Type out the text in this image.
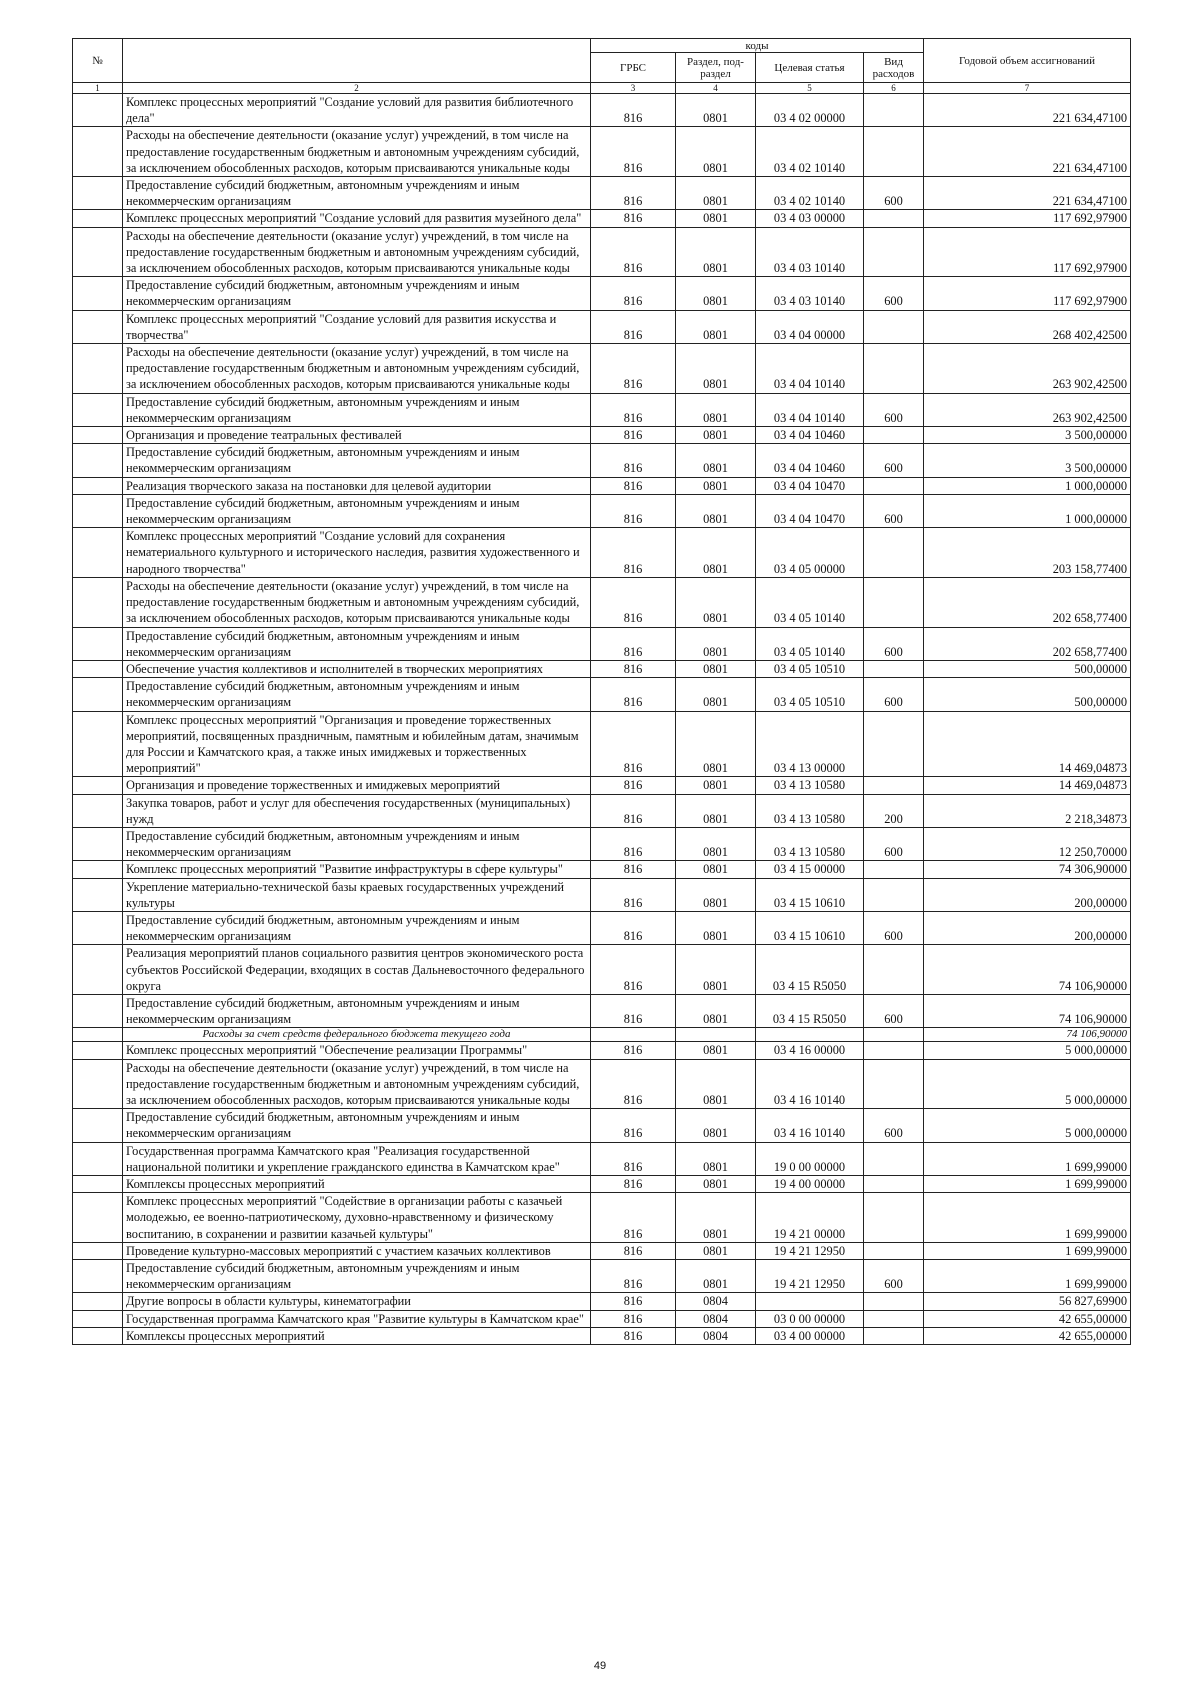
№		коды				Годовой объем ассигнований
		ГРБС	Раздел, под-раздел	Целевая статья	Вид расходов	
1	2	3	4	5	6	7
	Комплекс процессных мероприятий "Создание условий для развития библиотечного дела"	816	0801	03 4 02 00000		221 634,47100
	Расходы на обеспечение деятельности (оказание услуг) учреждений, в том числе на предоставление государственным бюджетным и автономным учреждениям субсидий, за исключением обособленных расходов, которым присваиваются уникальные коды	816	0801	03 4 02 10140		221 634,47100
	Предоставление субсидий бюджетным, автономным учреждениям и иным некоммерческим организациям	816	0801	03 4 02 10140	600	221 634,47100
	Комплекс процессных мероприятий "Создание условий для развития музейного дела"	816	0801	03 4 03 00000		117 692,97900
	Расходы на обеспечение деятельности (оказание услуг) учреждений, в том числе на предоставление государственным бюджетным и автономным учреждениям субсидий, за исключением обособленных расходов, которым присваиваются уникальные коды	816	0801	03 4 03 10140		117 692,97900
	Предоставление субсидий бюджетным, автономным учреждениям и иным некоммерческим организациям	816	0801	03 4 03 10140	600	117 692,97900
	Комплекс процессных мероприятий "Создание условий для развития искусства и творчества"	816	0801	03 4 04 00000		268 402,42500
	Расходы на обеспечение деятельности (оказание услуг) учреждений, в том числе на предоставление государственным бюджетным и автономным учреждениям субсидий, за исключением обособленных расходов, которым присваиваются уникальные коды	816	0801	03 4 04 10140		263 902,42500
	Предоставление субсидий бюджетным, автономным учреждениям и иным некоммерческим организациям	816	0801	03 4 04 10140	600	263 902,42500
	Организация и проведение театральных фестивалей	816	0801	03 4 04 10460		3 500,00000
	Предоставление субсидий бюджетным, автономным учреждениям и иным некоммерческим организациям	816	0801	03 4 04 10460	600	3 500,00000
	Реализация творческого заказа на постановки для целевой аудитории	816	0801	03 4 04 10470		1 000,00000
	Предоставление субсидий бюджетным, автономным учреждениям и иным некоммерческим организациям	816	0801	03 4 04 10470	600	1 000,00000
	Комплекс процессных мероприятий "Создание условий для сохранения нематериального культурного и исторического наследия, развития художественного и народного творчества"	816	0801	03 4 05 00000		203 158,77400
	Расходы на обеспечение деятельности (оказание услуг) учреждений, в том числе на предоставление государственным бюджетным и автономным учреждениям субсидий, за исключением обособленных расходов, которым присваиваются уникальные коды	816	0801	03 4 05 10140		202 658,77400
	Предоставление субсидий бюджетным, автономным учреждениям и иным некоммерческим организациям	816	0801	03 4 05 10140	600	202 658,77400
	Обеспечение участия коллективов и исполнителей в творческих мероприятиях	816	0801	03 4 05 10510		500,00000
	Предоставление субсидий бюджетным, автономным учреждениям и иным некоммерческим организациям	816	0801	03 4 05 10510	600	500,00000
	Комплекс процессных мероприятий "Организация и проведение торжественных мероприятий, посвященных праздничным, памятным и юбилейным датам, значимым для России и Камчатского края, а также иных имиджевых и торжественных мероприятий"	816	0801	03 4 13 00000		14 469,04873
	Организация и проведение торжественных и имиджевых мероприятий	816	0801	03 4 13 10580		14 469,04873
	Закупка товаров, работ и услуг для обеспечения государственных (муниципальных) нужд	816	0801	03 4 13 10580	200	2 218,34873
	Предоставление субсидий бюджетным, автономным учреждениям и иным некоммерческим организациям	816	0801	03 4 13 10580	600	12 250,70000
	Комплекс процессных мероприятий "Развитие инфраструктуры в сфере культуры"	816	0801	03 4 15 00000		74 306,90000
	Укрепление материально-технической базы краевых государственных учреждений культуры	816	0801	03 4 15 10610		200,00000
	Предоставление субсидий бюджетным, автономным учреждениям и иным некоммерческим организациям	816	0801	03 4 15 10610	600	200,00000
	Реализация мероприятий планов социального развития центров экономического роста субъектов Российской Федерации, входящих в состав Дальневосточного федерального округа	816	0801	03 4 15 R5050		74 106,90000
	Предоставление субсидий бюджетным, автономным учреждениям и иным некоммерческим организациям	816	0801	03 4 15 R5050	600	74 106,90000
	Расходы за счет средств федерального бюджета текущего года					74 106,90000
	Комплекс процессных мероприятий "Обеспечение реализации Программы"	816	0801	03 4 16 00000		5 000,00000
	Расходы на обеспечение деятельности (оказание услуг) учреждений, в том числе на предоставление государственным бюджетным и автономным учреждениям субсидий, за исключением обособленных расходов, которым присваиваются уникальные коды	816	0801	03 4 16 10140		5 000,00000
	Предоставление субсидий бюджетным, автономным учреждениям и иным некоммерческим организациям	816	0801	03 4 16 10140	600	5 000,00000
	Государственная программа Камчатского края "Реализация государственной национальной политики и укрепление гражданского единства в Камчатском крае"	816	0801	19 0 00 00000		1 699,99000
	Комплексы процессных мероприятий	816	0801	19 4 00 00000		1 699,99000
	Комплекс процессных мероприятий "Содействие в организации работы с казачьей молодежью, ее военно-патриотическому, духовно-нравственному и физическому воспитанию, в сохранении и развитии казачьей культуры"	816	0801	19 4 21 00000		1 699,99000
	Проведение культурно-массовых мероприятий с участием казачьих коллективов	816	0801	19 4 21 12950		1 699,99000
	Предоставление субсидий бюджетным, автономным учреждениям и иным некоммерческим организациям	816	0801	19 4 21 12950	600	1 699,99000
	Другие вопросы в области культуры, кинематографии	816	0804			56 827,69900
	Государственная программа Камчатского края "Развитие культуры в Камчатском крае"	816	0804	03 0 00 00000		42 655,00000
	Комплексы процессных мероприятий	816	0804	03 4 00 00000		42 655,00000
49
